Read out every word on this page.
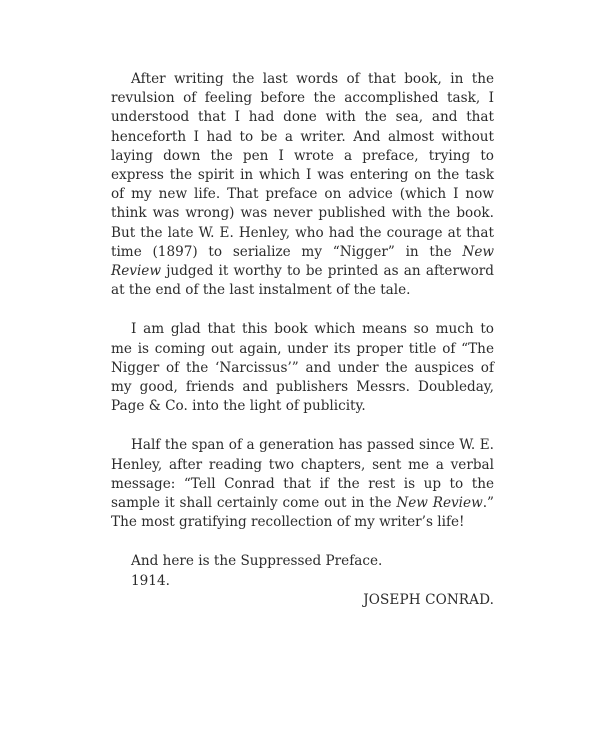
After writing the last words of that book, in the revulsion of feeling before the accomplished task, I understood that I had done with the sea, and that henceforth I had to be a writer. And almost without laying down the pen I wrote a preface, trying to express the spirit in which I was entering on the task of my new life. That preface on advice (which I now think was wrong) was never published with the book. But the late W. E. Henley, who had the courage at that time (1897) to serialize my “Nigger” in the New Review judged it worthy to be printed as an afterword at the end of the last instalment of the tale.

I am glad that this book which means so much to me is coming out again, under its proper title of “The Nigger of the ‘Narcissus’” and under the auspices of my good, friends and publishers Messrs. Doubleday, Page & Co. into the light of publicity.

Half the span of a generation has passed since W. E. Henley, after reading two chapters, sent me a verbal message: “Tell Conrad that if the rest is up to the sample it shall certainly come out in the New Review.” The most gratifying recollection of my writer’s life!

And here is the Suppressed Preface.

1914.

JOSEPH CONRAD.
